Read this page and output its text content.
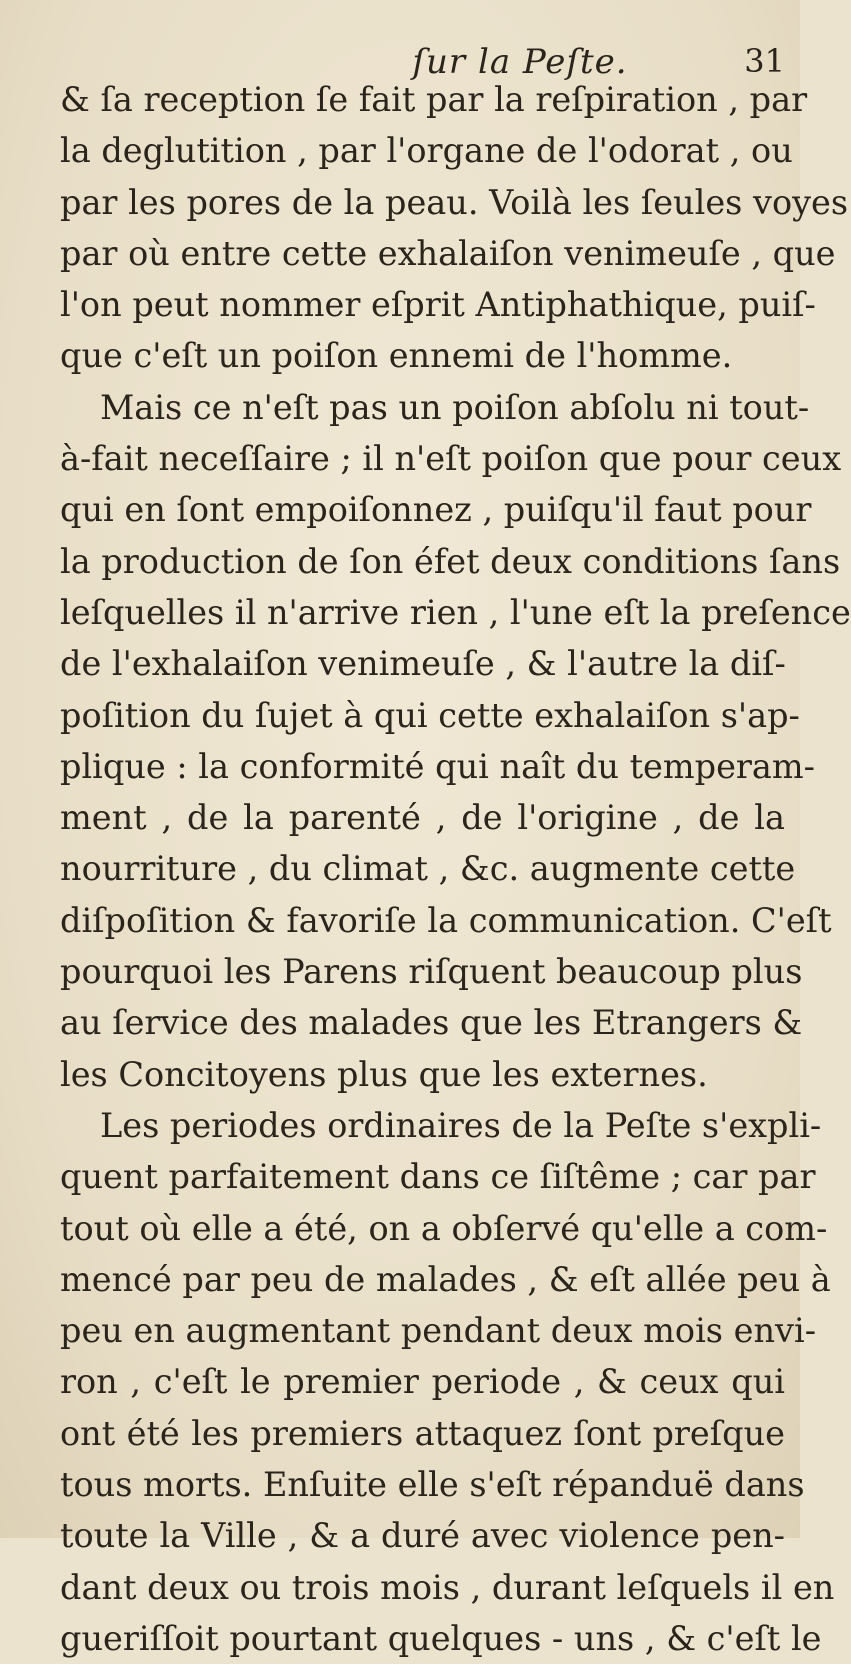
ſur la Peſte.	31
& ſa reception ſe fait par la reſpiration , par
la deglutition , par l'organe de l'odorat , ou
par les pores de la peau. Voilà les ſeules voyes
par où entre cette exhalaiſon venimeuſe , que
l'on peut nommer eſprit Antiphathique, puiſ-
que c'eſt un poiſon ennemi de l'homme.
Mais ce n'eſt pas un poiſon abſolu ni tout-
à-fait neceſſaire ; il n'eſt poiſon que pour ceux
qui en ſont empoiſonnez , puiſqu'il faut pour
la production de ſon éfet deux conditions ſans
leſquelles il n'arrive rien , l'une eſt la preſence
de l'exhalaiſon venimeuſe , & l'autre la diſ-
poſition du ſujet à qui cette exhalaiſon s'ap-
plique : la conformité qui naît du temperam-
ment , de la parenté , de l'origine , de la
nourriture , du climat , &c. augmente cette
diſpoſition & favoriſe la communication. C'eſt
pourquoi les Parens riſquent beaucoup plus
au ſervice des malades que les Etrangers &
les Concitoyens plus que les externes.
Les periodes ordinaires de la Peſte s'expli-
quent parfaitement dans ce ſiſtême ; car par
tout où elle a été, on a obſervé qu'elle a com-
mencé par peu de malades , & eſt allée peu à
peu en augmentant pendant deux mois envi-
ron , c'eſt le premier periode , & ceux qui
ont été les premiers attaquez ſont preſque
tous morts. Enſuite elle s'eſt répanduë dans
toute la Ville , & a duré avec violence pen-
dant deux ou trois mois , durant leſquels il en
gueriſſoit pourtant quelques - uns , & c'eſt le
